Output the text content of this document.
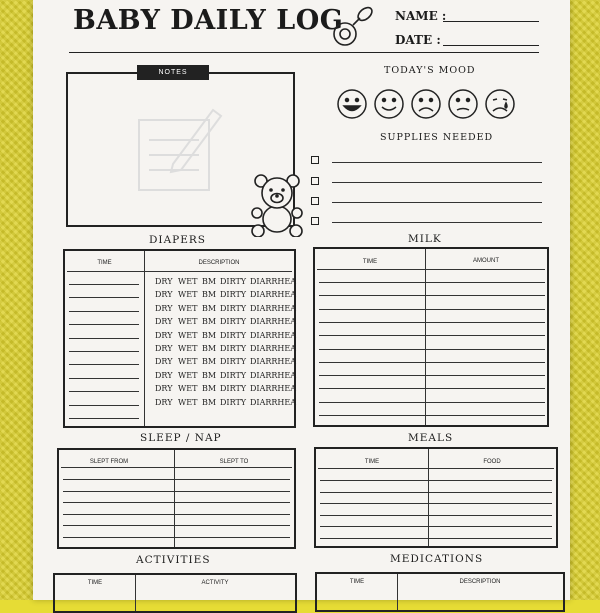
BABY DAILY LOG	NAME :
DATE :
NOTES	TODAY'S MOOD
SUPPLIES NEEDED
DIAPERS
TIME	DESCRIPTION
DRY WET BM DIRTY DIARRHEA
DRY WET BM DIRTY DIARRHEA
DRY WET BM DIRTY DIARRHEA
DRY WET BM DIRTY DIARRHEA
DRY WET BM DIRTY DIARRHEA
DRY WET BM DIRTY DIARRHEA
DRY WET BM DIRTY DIARRHEA
DRY WET BM DIRTY DIARRHEA
DRY WET BM DIRTY DIARRHEA
DRY WET BM DIRTY DIARRHEA
MILK
TIME	AMOUNT
SLEEP / NAP
SLEPT FROM	SLEPT TO
MEALS
TIME	FOOD
ACTIVITIES
TIME	ACTIVITY
MEDICATIONS
TIME	DESCRIPTION
